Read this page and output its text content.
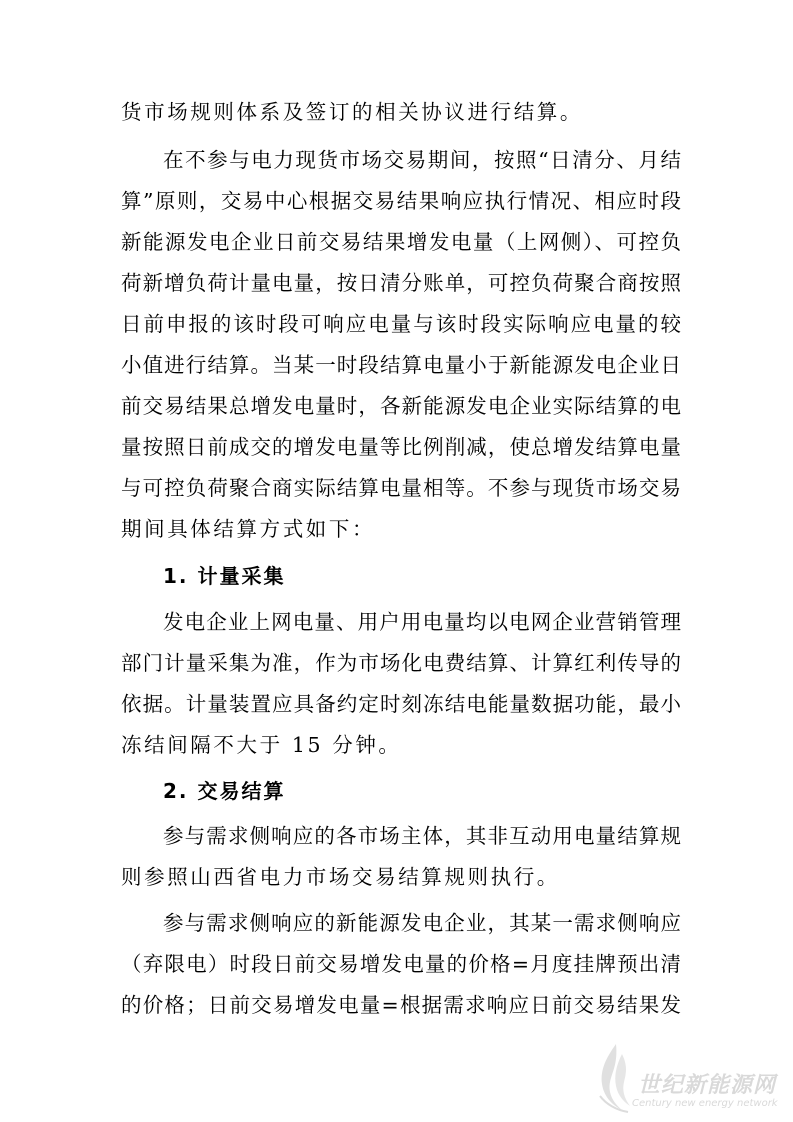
货市场规则体系及签订的相关协议进行结算。
在不参与电力现货市场交易期间，按照“日清分、月结
算”原则，交易中心根据交易结果响应执行情况、相应时段
新能源发电企业日前交易结果增发电量（上网侧）、可控负
荷新增负荷计量电量，按日清分账单，可控负荷聚合商按照
日前申报的该时段可响应电量与该时段实际响应电量的较
小值进行结算。当某一时段结算电量小于新能源发电企业日
前交易结果总增发电量时，各新能源发电企业实际结算的电
量按照日前成交的增发电量等比例削减，使总增发结算电量
与可控负荷聚合商实际结算电量相等。不参与现货市场交易
期间具体结算方式如下：
1. 计量采集
发电企业上网电量、用户用电量均以电网企业营销管理
部门计量采集为准，作为市场化电费结算、计算红利传导的
依据。计量装置应具备约定时刻冻结电能量数据功能，最小
冻结间隔不大于 15 分钟。
2. 交易结算
参与需求侧响应的各市场主体，其非互动用电量结算规
则参照山西省电力市场交易结算规则执行。
参与需求侧响应的新能源发电企业，其某一需求侧响应
（弃限电）时段日前交易增发电量的价格=月度挂牌预出清
的价格；日前交易增发电量=根据需求响应日前交易结果发
世纪新能源网
Century new energy network
